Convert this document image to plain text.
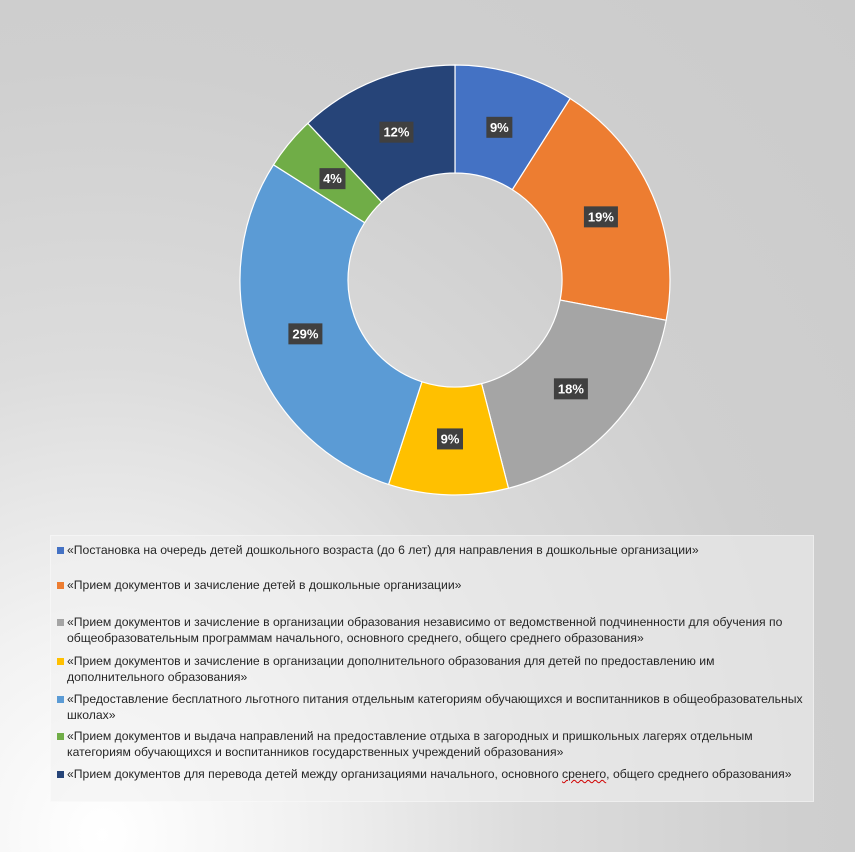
9%
19%
18%
9%
29%
4%
12%
«Постановка на очередь детей дошкольного возраста (до 6 лет) для направления в дошкольные организации»
«Прием документов и зачисление детей в дошкольные организации»
«Прием документов и зачисление в организации образования независимо от ведомственной подчиненности для обучения по общеобразовательным программам начального, основного среднего, общего среднего образования»
«Прием документов и зачисление в организации дополнительного образования для детей по предоставлению им дополнительного образования»
«Предоставление бесплатного льготного питания отдельным категориям обучающихся и воспитанников в общеобразовательных школах»
«Прием документов и выдача направлений на предоставление отдыха в загородных и пришкольных лагерях отдельным категориям обучающихся и воспитанников государственных учреждений образования»
«Прием документов для перевода детей между организациями начального, основного сренего, общего среднего образования»
